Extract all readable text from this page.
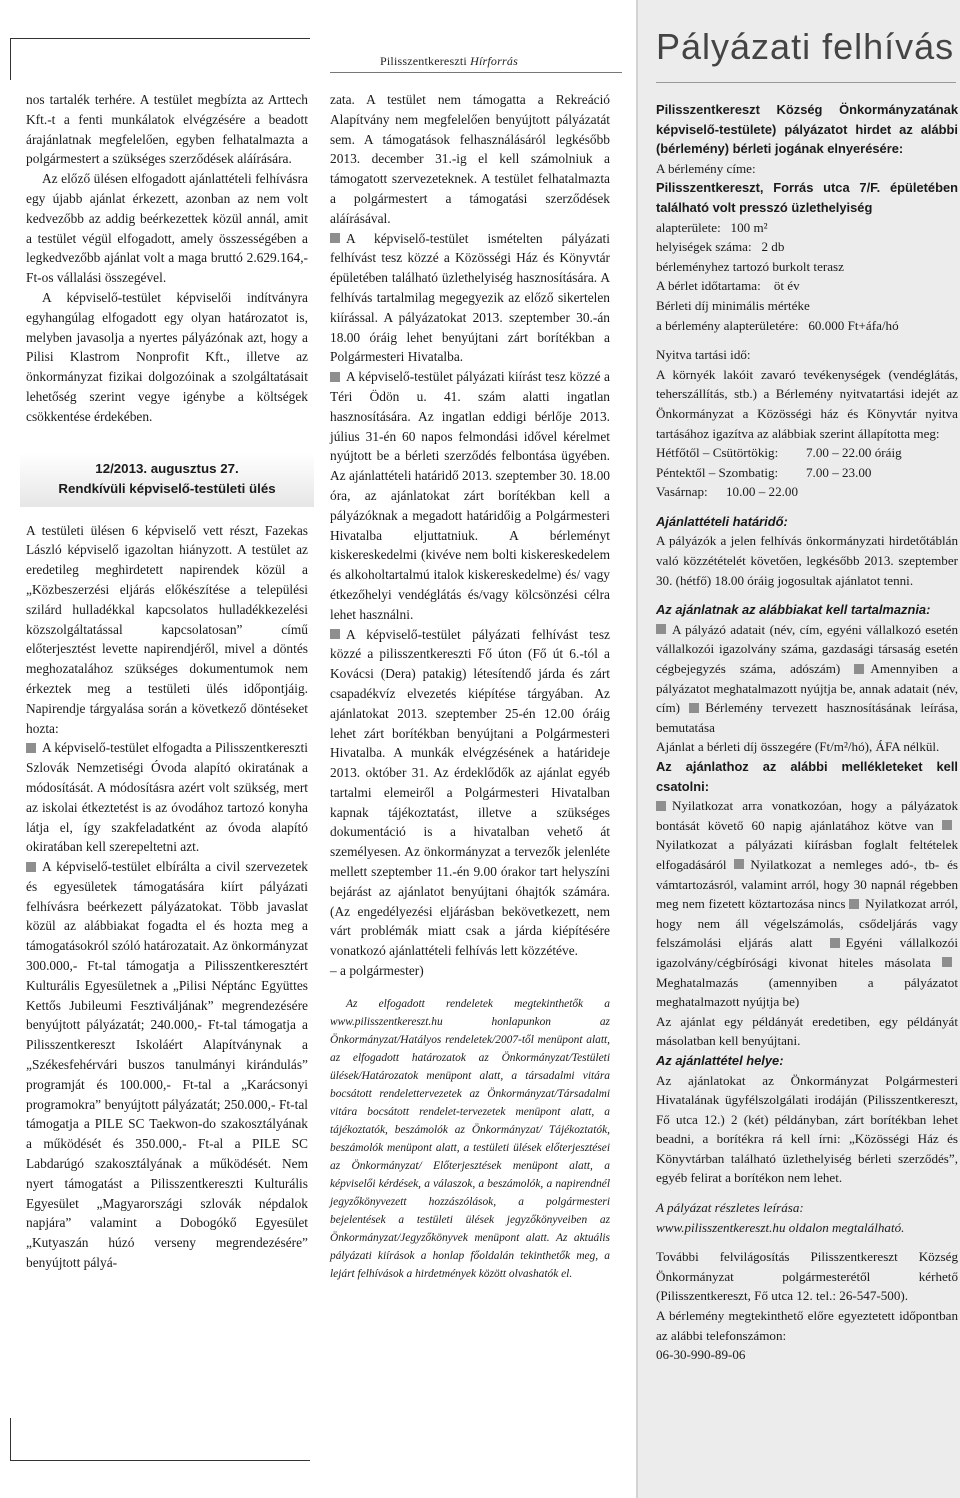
Pilisszentkereszti Hírforrás

nos tartalék terhére. A testület megbízta az Arttech Kft.-t a fenti munkálatok elvégzésére a beadott árajánlatnak megfelelően, egyben felhatalmazta a polgármestert a szükséges szerződések aláírására.

Az előző ülésen elfogadott ajánlattételi felhívásra egy újabb ajánlat érkezett, azonban az nem volt kedvezőbb az addig beérkezettek közül annál, amit a testület végül elfogadott, amely összességében a legkedvezőbb ajánlat volt a maga bruttó 2.629.164,-Ft-os vállalási összegével.

A képviselő-testület képviselői indítványra egyhangúlag elfogadott egy olyan határozatot is, melyben javasolja a nyertes pályázónak azt, hogy a Pilisi Klastrom Nonprofit Kft., illetve az önkormányzat fizikai dolgozóinak a szolgáltatásait lehetőség szerint vegye igénybe a költségek csökkentése érdekében.

12/2013. augusztus 27.
Rendkívüli képviselő-testületi ülés

A testületi ülésen 6 képviselő vett részt, Fazekas László képviselő igazoltan hiányzott. A testület az eredetileg meghirdetett napirendek közül a „Közbeszerzési eljárás előkészítése a települési szilárd hulladékkal kapcsolatos hulladékkezelési közszolgáltatással kapcsolatosan” című előterjesztést levette napirendjéről, mivel a döntés meghozatalához szükséges dokumentumok nem érkeztek meg a testületi ülés időpontjáig. Napirendje tárgyalása során a következő döntéseket hozta:

A képviselő-testület elfogadta a Pilisszentkereszti Szlovák Nemzetiségi Óvoda alapító okiratának a módosítását. A módosításra azért volt szükség, mert az iskolai étkeztetést is az óvodához tartozó konyha látja el, így szakfeladatként az óvoda alapító okiratában kell szerepeltetni azt.

A képviselő-testület elbírálta a civil szervezetek és egyesületek támogatására kiírt pályázati felhívásra beérkezett pályázatokat. Több javaslat közül az alábbiakat fogadta el és hozta meg a támogatásokról szóló határozatait. Az önkormányzat 300.000,- Ft-tal támogatja a Pilisszentkeresztért Kulturális Egyesületnek a „Pilisi Néptánc Együttes Kettős Jubileumi Fesztiváljának” megrendezésére benyújtott pályázatát; 240.000,- Ft-tal támogatja a Pilisszentkereszt Iskoláért Alapítványnak a „Székesfehérvári buszos tanulmányi kirándulás” programját és 100.000,- Ft-tal a „Karácsonyi programokra” benyújtott pályázatát; 250.000,- Ft-tal támogatja a PILE SC Taekwon-do szakosztályának a működését és 350.000,- Ft-al a PILE SC Labdarúgó szakosztályának a működését. Nem nyert támogatást a Pilisszentkereszti Kulturális Egyesület „Magyarországi szlovák népdalok napjára” valamint a Dobogókő Egyesület „Kutyaszán húzó verseny megrendezésére” benyújtott pályá-

zata. A testület nem támogatta a Rekreáció Alapítvány nem megfelelően benyújtott pályázatát sem. A támogatások felhasználásáról legkésőbb 2013. december 31.-ig el kell számolniuk a támogatott szervezeteknek. A testület felhatalmazta a polgármestert a támogatási szerződések aláírásával.

A képviselő-testület ismételten pályázati felhívást tesz közzé a Közösségi Ház és Könyvtár épületében található üzlethelyiség hasznosítására. A felhívás tartalmilag megegyezik az előző sikertelen kiírással. A pályázatokat 2013. szeptember 30.-án 18.00 óráig lehet benyújtani zárt borítékban a Polgármesteri Hivatalba.

A képviselő-testület pályázati kiírást tesz közzé a Téri Ödön u. 41. szám alatti ingatlan hasznosítására. Az ingatlan eddigi bérlője 2013. július 31-én 60 napos felmondási idővel kérelmet nyújtott be a bérleti szerződés felbontása ügyében. Az ajánlattételi határidő 2013. szeptember 30. 18.00 óra, az ajánlatokat zárt borítékban kell a pályázóknak a megadott határidőig a Polgármesteri Hivatalba eljuttatniuk. A bérleményt kiskereskedelmi (kivéve nem bolti kiskereskedelem és alkoholtartalmú italok kiskereskedelme) és/ vagy étkezőhelyi vendéglátás és/vagy kölcsönzési célra lehet használni.

A képviselő-testület pályázati felhívást tesz közzé a pilisszentkereszti Fő úton (Fő út 6.-tól a Kovácsi (Dera) patakig) létesítendő járda és zárt csapadékvíz elvezetés kiépítése tárgyában. Az ajánlatokat 2013. szeptember 25-én 12.00 óráig lehet zárt borítékban benyújtani a Polgármesteri Hivatalba. A munkák elvégzésének a határideje 2013. október 31. Az érdeklődők az ajánlat egyéb tartalmi elemeiről a Polgármesteri Hivatalban kapnak tájékoztatást, illetve a szükséges dokumentáció is a hivatalban vehető át személyesen. Az önkormányzat a tervezők jelenléte mellett szeptember 11.-én 9.00 órakor tart helyszíni bejárást az ajánlatot benyújtani óhajtók számára. (Az engedélyezési eljárásban bekövetkezett, nem várt problémák miatt csak a járda kiépítésére vonatkozó ajánlattételi felhívás lett közzétéve.

– a polgármester)

Az elfogadott rendeletek megtekinthetők a www.pilisszentkereszt.hu honlapunkon az Önkormányzat/Hatályos rendeletek/2007-től menüpont alatt, az elfogadott határozatok az Önkormányzat/Testületi ülések/Határozatok menüpont alatt, a társadalmi vitára bocsátott rendelettervezetek az Önkormányzat/Társadalmi vitára bocsátott rendelet-tervezetek menüpont alatt, a tájékoztatók, beszámolók az Önkormányzat/ Tájékoztatók, beszámolók menüpont alatt, a testületi ülések előterjesztései az Önkormányzat/ Előterjesztések menüpont alatt, a képviselői kérdések, a válaszok, a beszámolók, a napirendnél jegyzőkönyvezett hozzászólások, a polgármesteri bejelentések a testületi ülések jegyzőkönyveiben az Önkormányzat/Jegyzőkönyvek menüpont alatt. Az aktuális pályázati kiírások a honlap főoldalán tekinthetők meg, a lejárt felhívások a hirdetmények között olvashatók el.

Pályázati felhívás

Pilisszentkereszt Község Önkormányzatának képviselő-testülete) pályázatot hirdet az alábbi (bérlemény) bérleti jogának elnyerésére:

A bérlemény címe:

Pilisszentkereszt, Forrás utca 7/F. épületében található volt presszó üzlethelyiség

alapterülete: 100 m²

helyiségek száma: 2 db

bérleményhez tartozó burkolt terasz

A bérlet időtartama: öt év

Bérleti díj minimális mértéke

a bérlemény alapterületére: 60.000 Ft+áfa/hó

Nyitva tartási idő:

A környék lakóit zavaró tevékenységek (vendéglátás, teherszállítás, stb.) a Bérlemény nyitvatartási idejét az Önkormányzat a Közösségi ház és Könyvtár nyitva tartásához igazítva az alábbiak szerint állapította meg:

Hétfőtől – Csütörtökig: 7.00 – 22.00 óráig

Péntektől – Szombatig: 7.00 – 23.00

Vasárnap: 10.00 – 22.00

Ajánlattételi határidő:

A pályázók a jelen felhívás önkormányzati hirdetőtáblán való közzétételét követően, legkésőbb 2013. szeptember 30. (hétfő) 18.00 óráig jogosultak ajánlatot tenni.

Az ajánlatnak az alábbiakat kell tartalmaznia:

A pályázó adatait (név, cím, egyéni vállalkozó esetén vállalkozói igazolvány száma, gazdasági társaság esetén cégbejegyzés száma, adószám) Amennyiben a pályázatot meghatalmazott nyújtja be, annak adatait (név, cím) Bérlemény tervezett hasznosításának leírása, bemutatása

Ajánlat a bérleti díj összegére (Ft/m²/hó), ÁFA nélkül.

Az ajánlathoz az alábbi mellékleteket kell csatolni:

Nyilatkozat arra vonatkozóan, hogy a pályázatok bontását követő 60 napig ajánlatához kötve van Nyilatkozat a pályázati kiírásban foglalt feltételek elfogadásáról Nyilatkozat a nemleges adó-, tb- és vámtartozásról, valamint arról, hogy 30 napnál régebben meg nem fizetett köztartozása nincs Nyilatkozat arról, hogy nem áll végelszámolás, csődeljárás vagy felszámolási eljárás alatt	Egyéni vállalkozói igazolvány/cégbírósági kivonat hiteles másolata Meghatalmazás (amennyiben a pályázatot meghatalmazott nyújtja be)

Az ajánlat egy példányát eredetiben, egy példányát másolatban kell benyújtani.

Az ajánlattétel helye:

Az ajánlatokat az Önkormányzat Polgármesteri Hivatalának ügyfélszolgálati irodáján (Pilisszentkereszt, Fő utca 12.) 2 (két) példányban, zárt borítékban lehet beadni, a borítékra rá kell írni: „Közösségi Ház és Könyvtárban található üzlethelyiség bérleti szerződés”, egyéb felirat a borítékon nem lehet.

A pályázat részletes leírása:

www.pilisszentkereszt.hu oldalon megtalálható.

További felvilágosítás Pilisszentkereszt Község Önkormányzat polgármesterétől kérhető (Pilisszentkereszt, Fő utca 12. tel.: 26-547-500).

A bérlemény megtekinthető előre egyeztetett időpontban az alábbi telefonszámon:

06-30-990-89-06
